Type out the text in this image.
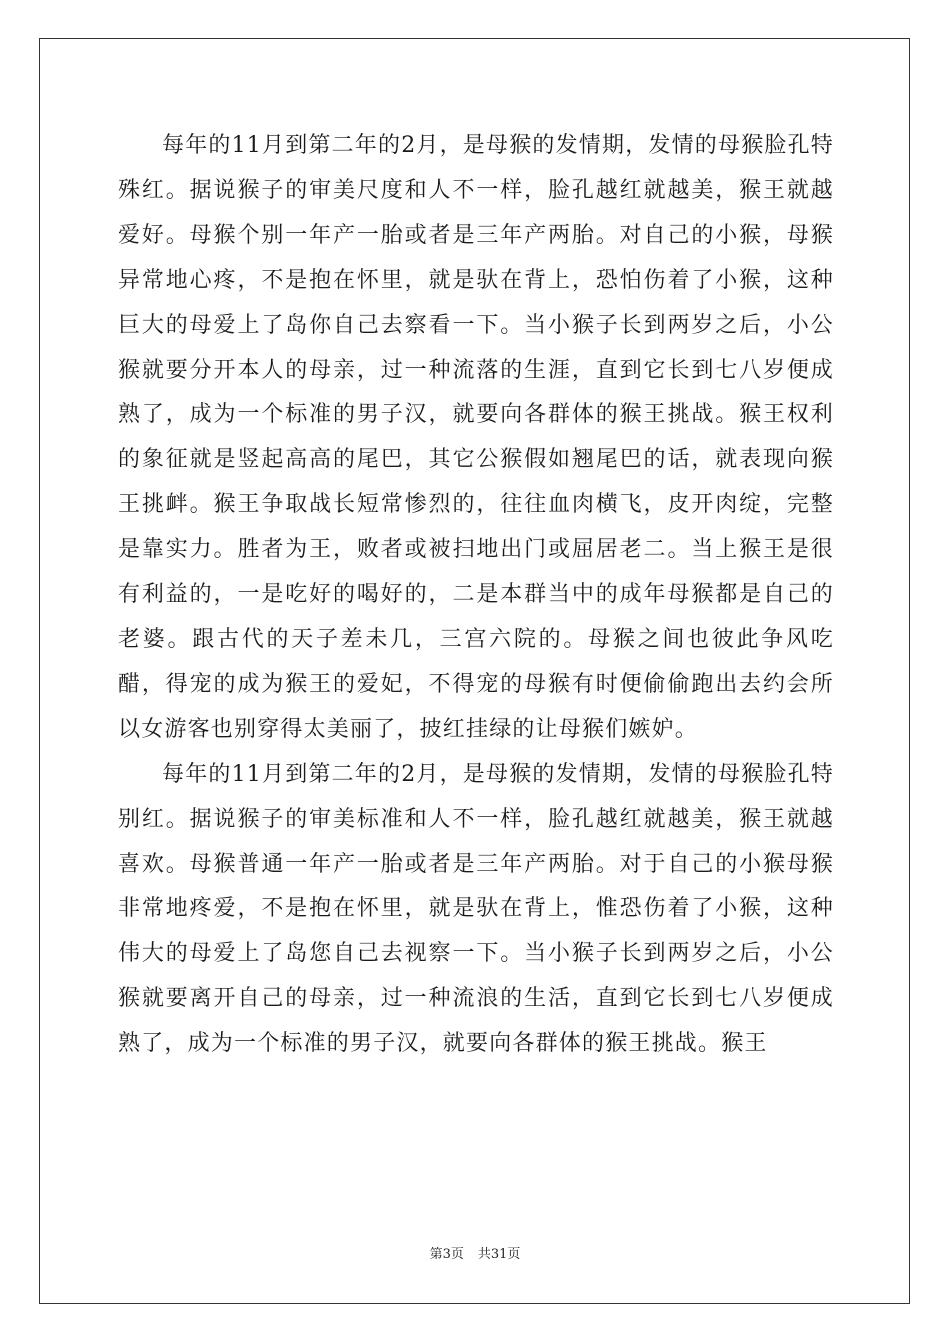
每年的11月到第二年的2月，是母猴的发情期，发情的母猴脸孔特殊红。据说猴子的审美尺度和人不一样，脸孔越红就越美，猴王就越爱好。母猴个别一年产一胎或者是三年产两胎。对自己的小猴，母猴异常地心疼，不是抱在怀里，就是驮在背上，恐怕伤着了小猴，这种巨大的母爱上了岛你自己去察看一下。当小猴子长到两岁之后，小公猴就要分开本人的母亲，过一种流落的生涯，直到它长到七八岁便成熟了，成为一个标准的男子汉，就要向各群体的猴王挑战。猴王权利的象征就是竖起高高的尾巴，其它公猴假如翘尾巴的话，就表现向猴王挑衅。猴王争取战长短常惨烈的，往往血肉横飞，皮开肉绽，完整是靠实力。胜者为王，败者或被扫地出门或屈居老二。当上猴王是很有利益的，一是吃好的喝好的，二是本群当中的成年母猴都是自己的老婆。跟古代的天子差未几，三宫六院的。母猴之间也彼此争风吃醋，得宠的成为猴王的爱妃，不得宠的母猴有时便偷偷跑出去约会所以女游客也别穿得太美丽了，披红挂绿的让母猴们嫉妒。

每年的11月到第二年的2月，是母猴的发情期，发情的母猴脸孔特别红。据说猴子的审美标准和人不一样，脸孔越红就越美，猴王就越喜欢。母猴普通一年产一胎或者是三年产两胎。对于自己的小猴母猴非常地疼爱，不是抱在怀里，就是驮在背上，惟恐伤着了小猴，这种伟大的母爱上了岛您自己去视察一下。当小猴子长到两岁之后，小公猴就要离开自己的母亲，过一种流浪的生活，直到它长到七八岁便成熟了，成为一个标准的男子汉，就要向各群体的猴王挑战。猴王

第3页 共31页
